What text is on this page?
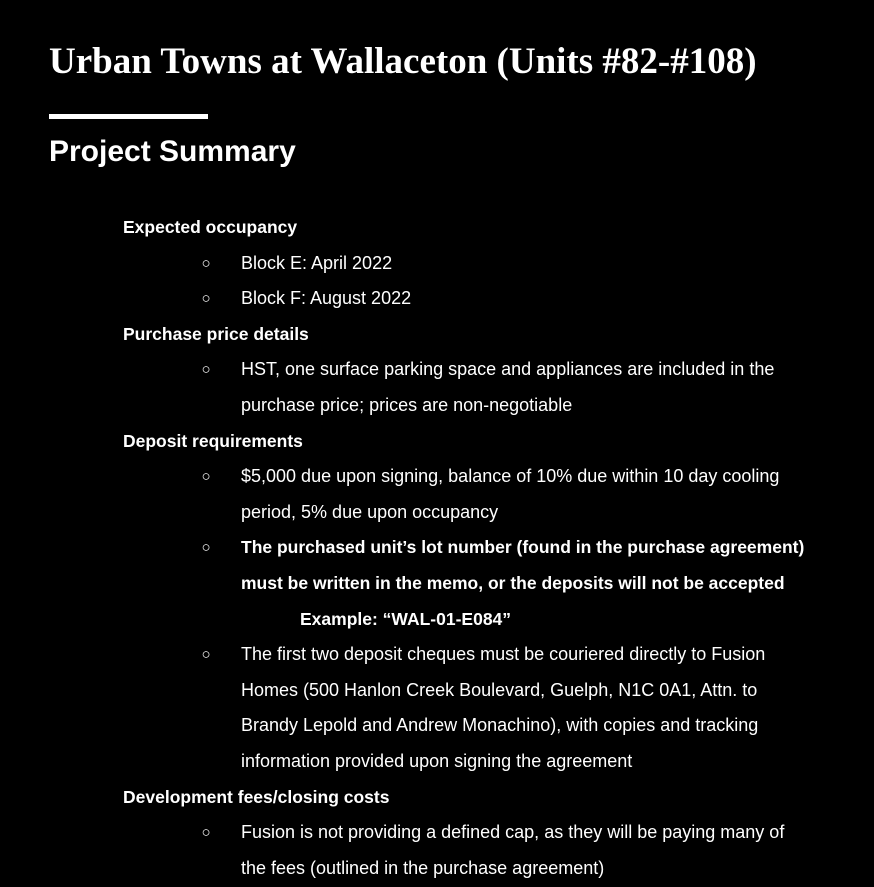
Urban Towns at Wallaceton (Units #82-#108)
Project Summary
Expected occupancy
○ Block E: April 2022
○ Block F: August 2022
Purchase price details
○ HST, one surface parking space and appliances are included in the
purchase price; prices are non-negotiable
Deposit requirements
○ $5,000 due upon signing, balance of 10% due within 10 day cooling
period, 5% due upon occupancy
○ The purchased unit’s lot number (found in the purchase agreement)
must be written in the memo, or the deposits will not be accepted
Example: “WAL-01-E084”
○ The first two deposit cheques must be couriered directly to Fusion
Homes (500 Hanlon Creek Boulevard, Guelph, N1C 0A1, Attn. to
Brandy Lepold and Andrew Monachino), with copies and tracking
information provided upon signing the agreement
Development fees/closing costs
○ Fusion is not providing a defined cap, as they will be paying many of
the fees (outlined in the purchase agreement)
